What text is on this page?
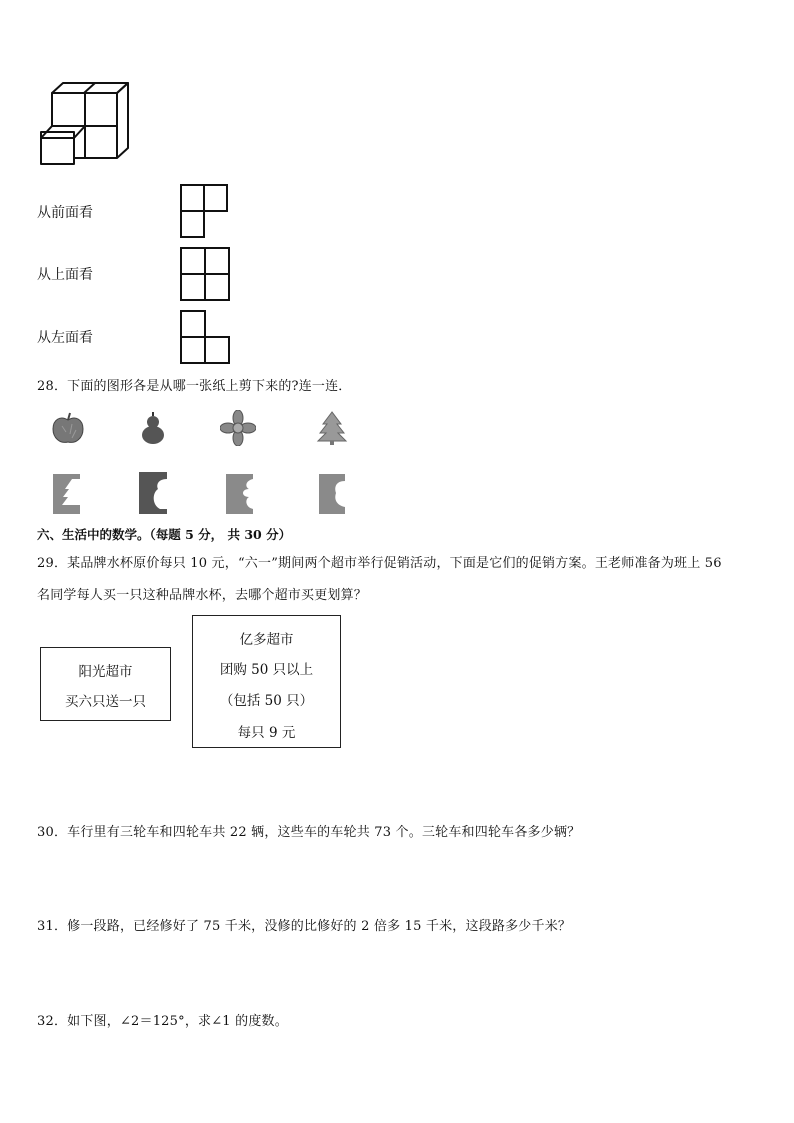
从前面看
从上面看
从左面看
28．下面的图形各是从哪一张纸上剪下来的?连一连．
六、生活中的数学。（每题 5 分， 共 30 分）
29．某品牌水杯原价每只 10 元，“六一”期间两个超市举行促销活动，下面是它们的促销方案。王老师准备为班上 56
名同学每人买一只这种品牌水杯，去哪个超市买更划算？
阳光超市
买六只送一只
亿多超市
团购 50 只以上
（包括 50 只）
每只 9 元
30．车行里有三轮车和四轮车共 22 辆，这些车的车轮共 73 个。三轮车和四轮车各多少辆？
31．修一段路，已经修好了 75 千米，没修的比修好的 2 倍多 15 千米，这段路多少千米？
32．如下图，∠2＝125°，求∠1 的度数。
